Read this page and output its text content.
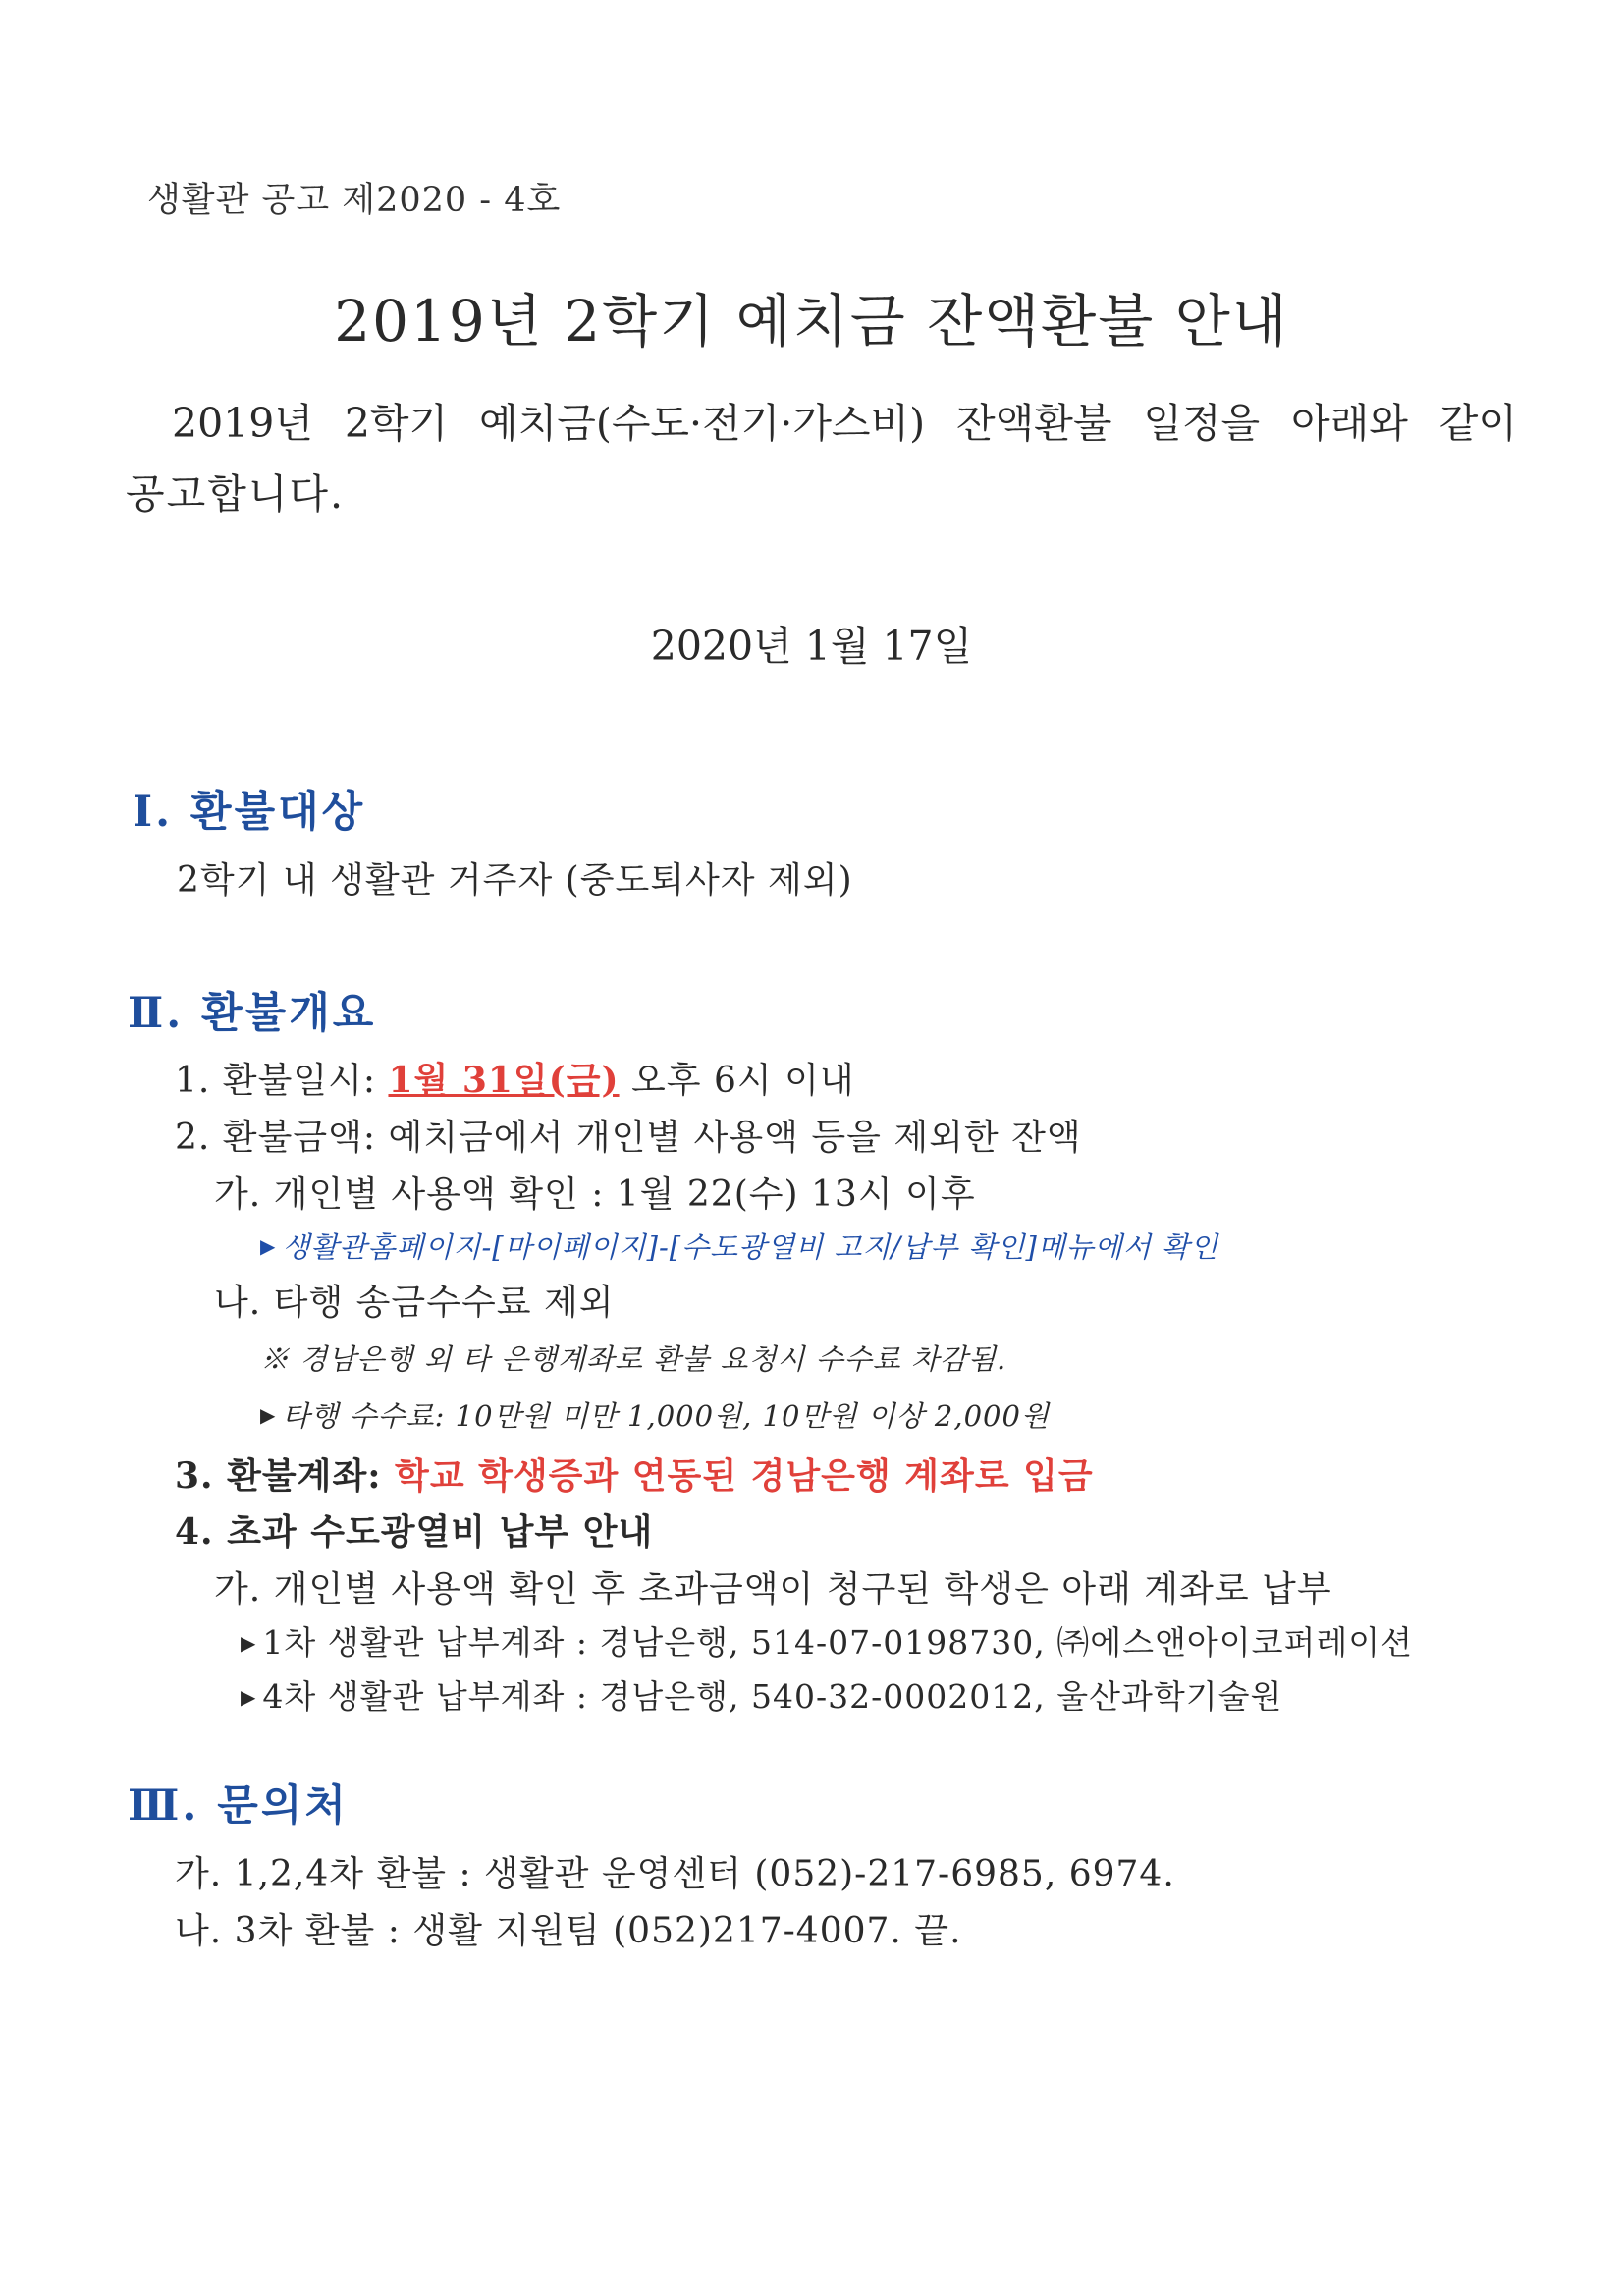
생활관 공고 제2020 - 4호
2019년 2학기 예치금 잔액환불 안내
2019년 2학기 예치금(수도·전기·가스비) 잔액환불 일정을 아래와 같이
공고합니다.
2020년 1월 17일
Ⅰ. 환불대상
2학기 내 생활관 거주자 (중도퇴사자 제외)
Ⅱ. 환불개요
1. 환불일시: 1월 31일(금) 오후 6시 이내
2. 환불금액: 예치금에서 개인별 사용액 등을 제외한 잔액
가. 개인별 사용액 확인 : 1월 22(수) 13시 이후
▶ 생활관홈페이지-[마이페이지]-[수도광열비 고지/납부 확인]메뉴에서 확인
나. 타행 송금수수료 제외
※ 경남은행 외 타 은행계좌로 환불 요청시 수수료 차감됨.
▶ 타행 수수료: 10만원 미만 1,000원, 10만원 이상 2,000원
3. 환불계좌: 학교 학생증과 연동된 경남은행 계좌로 입금
4. 초과 수도광열비 납부 안내
가. 개인별 사용액 확인 후 초과금액이 청구된 학생은 아래 계좌로 납부
▶ 1차 생활관 납부계좌 : 경남은행, 514-07-0198730, ㈜에스앤아이코퍼레이션
▶ 4차 생활관 납부계좌 : 경남은행, 540-32-0002012, 울산과학기술원
Ⅲ. 문의처
가. 1,2,4차 환불 : 생활관 운영센터 (052)-217-6985, 6974.
나. 3차 환불 : 생활 지원팀 (052)217-4007. 끝.
